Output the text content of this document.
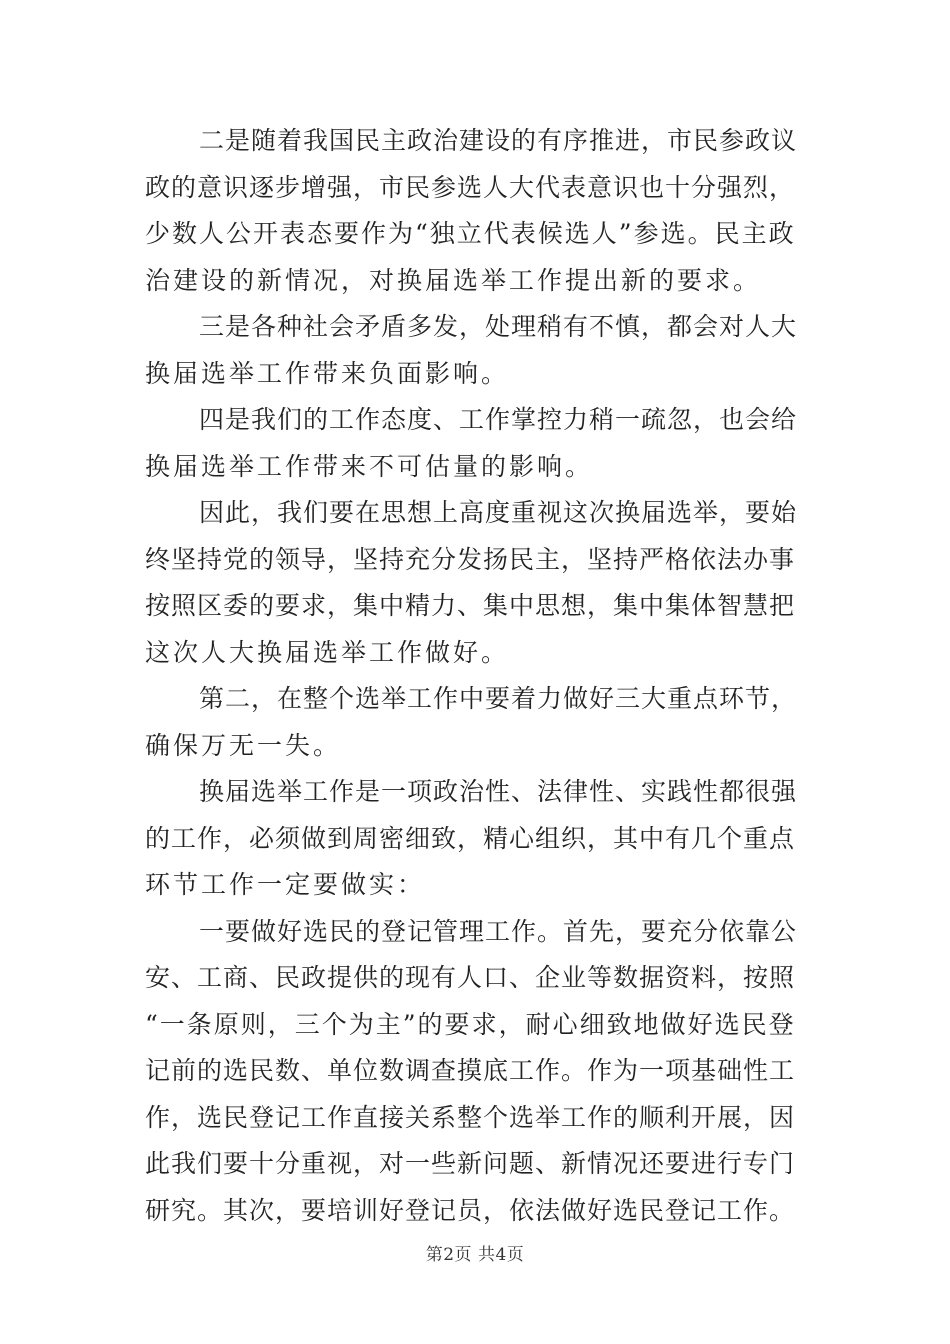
二是随着我国民主政治建设的有序推进，市民参政议
政的意识逐步增强，市民参选人大代表意识也十分强烈，
少数人公开表态要作为“独立代表候选人”参选。民主政
治建设的新情况，对换届选举工作提出新的要求。
三是各种社会矛盾多发，处理稍有不慎，都会对人大
换届选举工作带来负面影响。
四是我们的工作态度、工作掌控力稍一疏忽，也会给
换届选举工作带来不可估量的影响。
因此，我们要在思想上高度重视这次换届选举，要始
终坚持党的领导，坚持充分发扬民主，坚持严格依法办事
按照区委的要求，集中精力、集中思想，集中集体智慧把
这次人大换届选举工作做好。
第二，在整个选举工作中要着力做好三大重点环节，
确保万无一失。
换届选举工作是一项政治性、法律性、实践性都很强
的工作，必须做到周密细致，精心组织，其中有几个重点
环节工作一定要做实：
一要做好选民的登记管理工作。首先，要充分依靠公
安、工商、民政提供的现有人口、企业等数据资料，按照
“一条原则，三个为主”的要求，耐心细致地做好选民登
记前的选民数、单位数调查摸底工作。作为一项基础性工
作，选民登记工作直接关系整个选举工作的顺利开展，因
此我们要十分重视，对一些新问题、新情况还要进行专门
研究。其次，要培训好登记员，依法做好选民登记工作。
第2页 共4页
